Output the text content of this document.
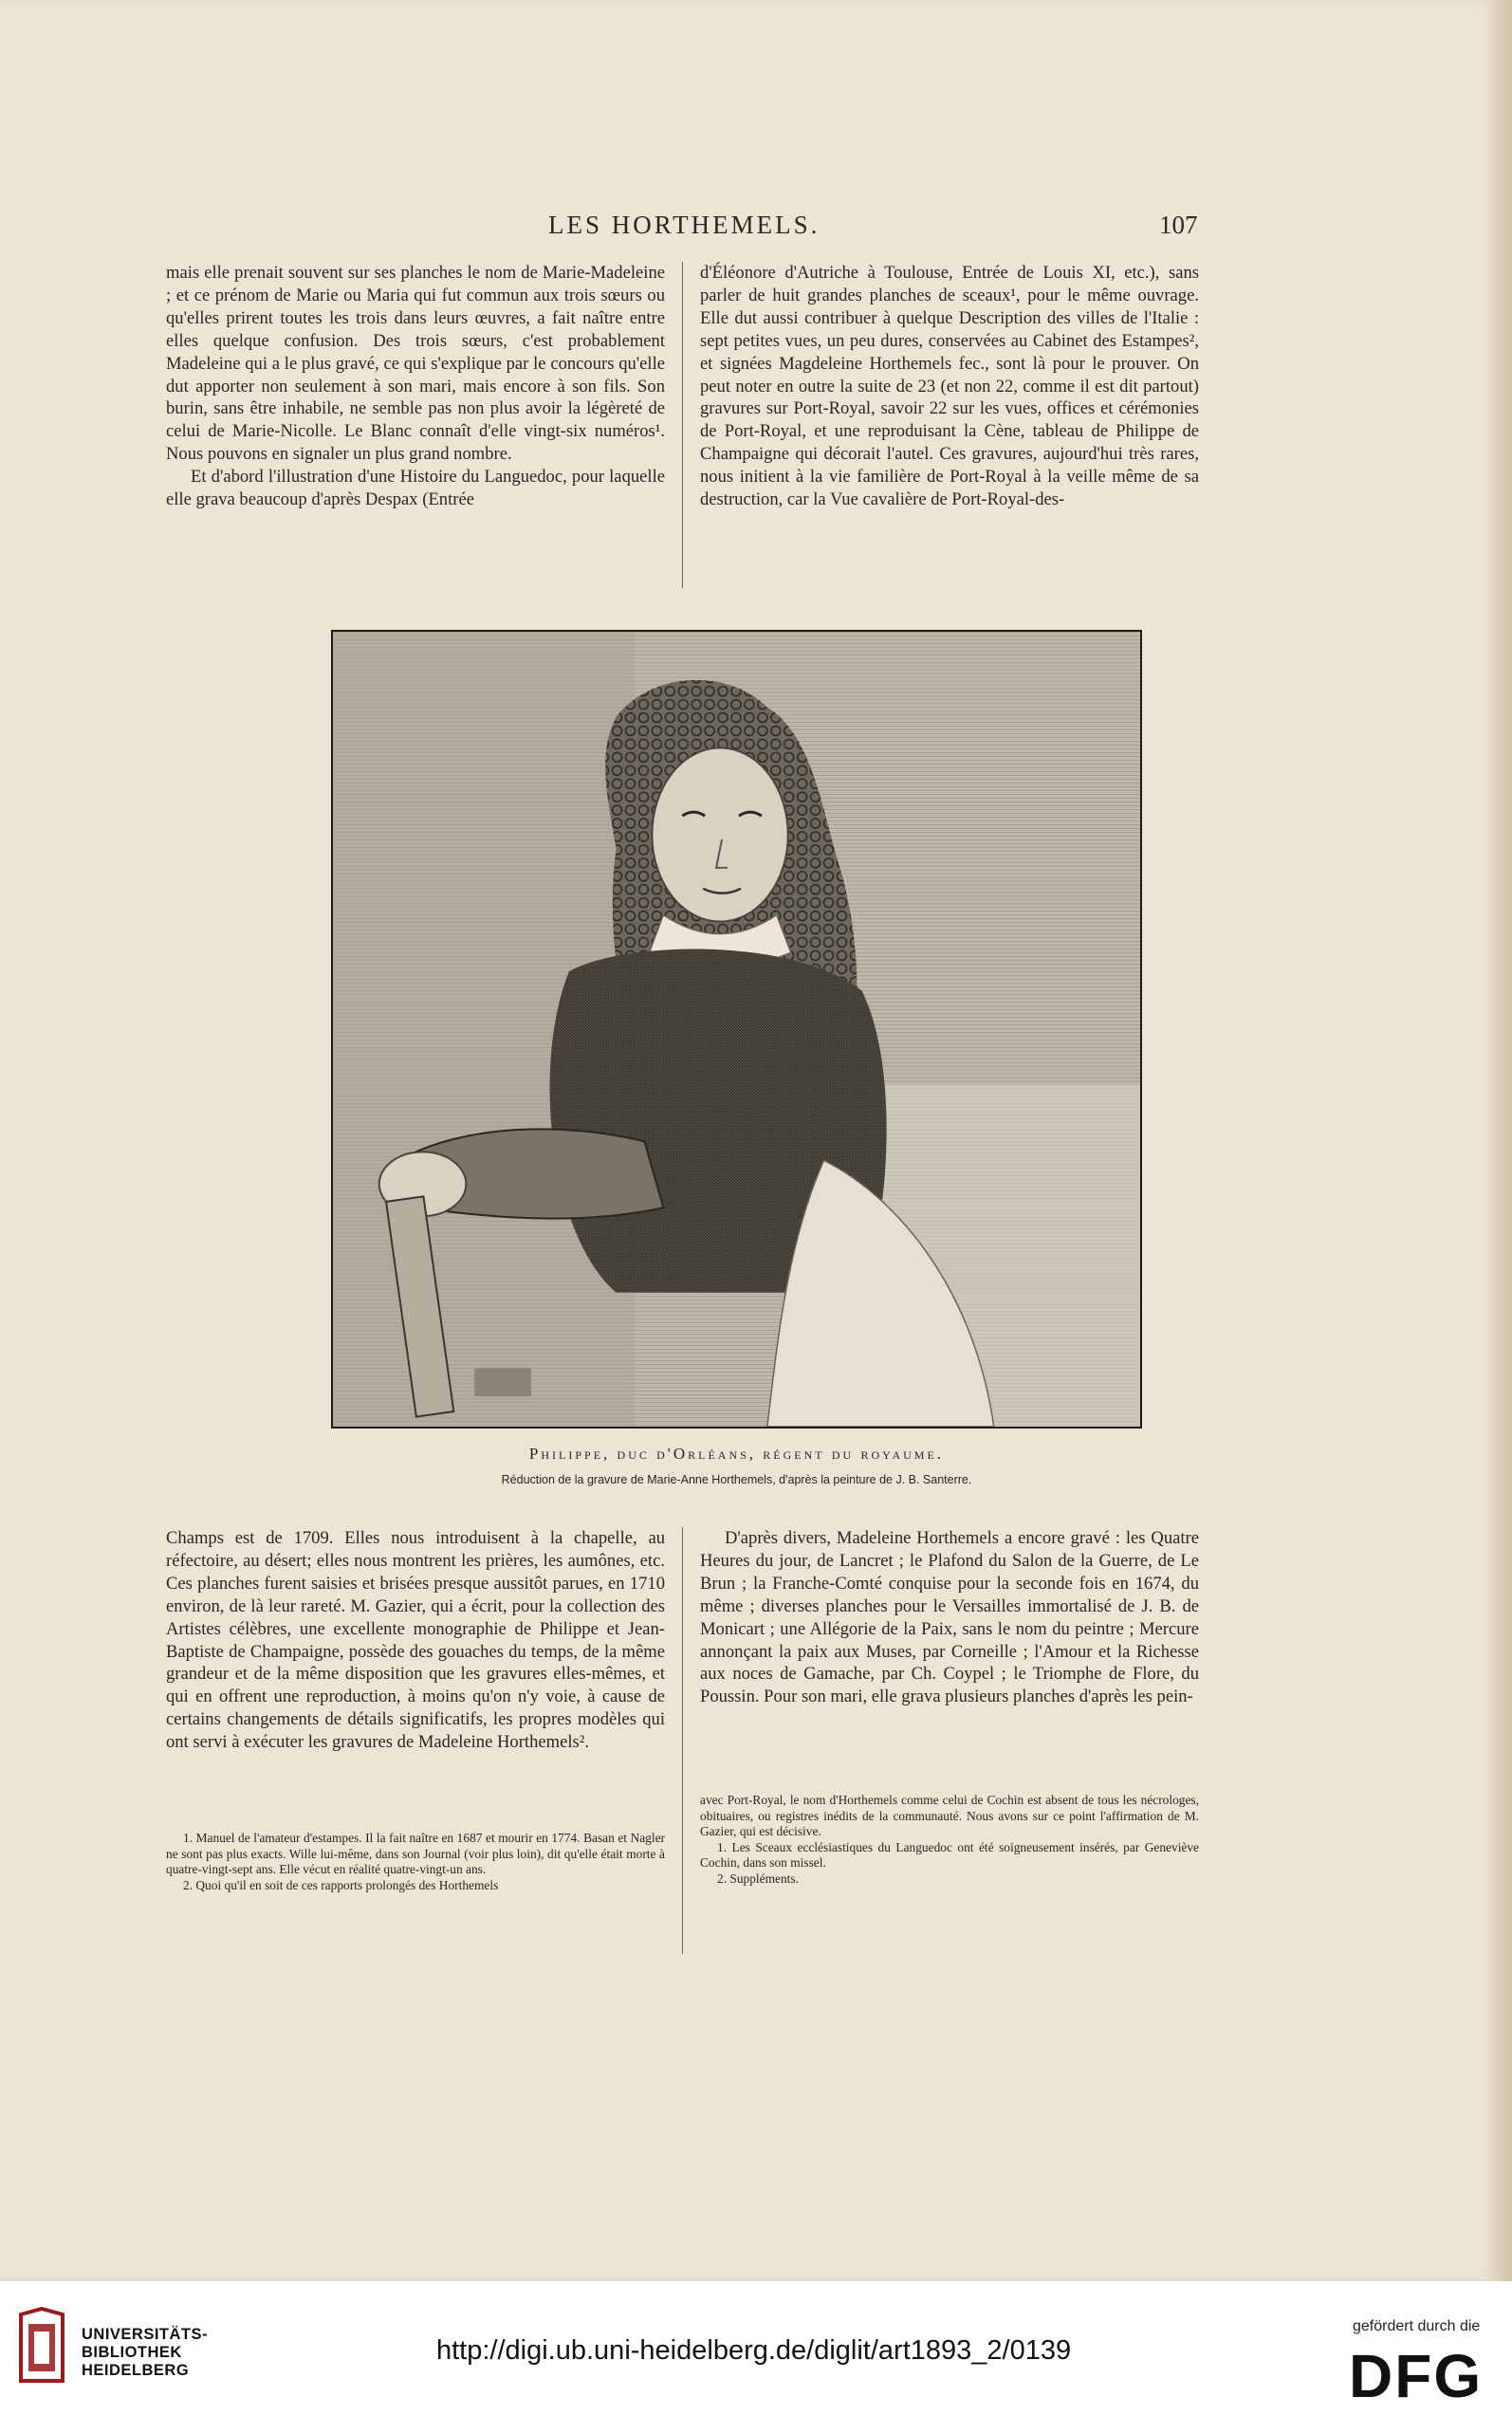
LES HORTHEMELS.	107

mais elle prenait souvent sur ses planches le nom de Marie-Madeleine ; et ce prénom de Marie ou Maria qui fut commun aux trois sœurs ou qu'elles prirent toutes les trois dans leurs œuvres, a fait naître entre elles quelque confusion. Des trois sœurs, c'est probablement Madeleine qui a le plus gravé, ce qui s'explique par le concours qu'elle dut apporter non seulement à son mari, mais encore à son fils. Son burin, sans être inhabile, ne semble pas non plus avoir la légèreté de celui de Marie-Nicolle. Le Blanc connaît d'elle vingt-six numéros¹. Nous pouvons en signaler un plus grand nombre.

Et d'abord l'illustration d'une Histoire du Languedoc, pour laquelle elle grava beaucoup d'après Despax (Entrée

d'Éléonore d'Autriche à Toulouse, Entrée de Louis XI, etc.), sans parler de huit grandes planches de sceaux¹, pour le même ouvrage. Elle dut aussi contribuer à quelque Description des villes de l'Italie : sept petites vues, un peu dures, conservées au Cabinet des Estampes², et signées Magdeleine Horthemels fec., sont là pour le prouver. On peut noter en outre la suite de 23 (et non 22, comme il est dit partout) gravures sur Port-Royal, savoir 22 sur les vues, offices et cérémonies de Port-Royal, et une reproduisant la Cène, tableau de Philippe de Champaigne qui décorait l'autel. Ces gravures, aujourd'hui très rares, nous initient à la vie familière de Port-Royal à la veille même de sa destruction, car la Vue cavalière de Port-Royal-des-

Philippe, duc d'Orléans, régent du royaume.
Réduction de la gravure de Marie-Anne Horthemels, d'après la peinture de J. B. Santerre.

Champs est de 1709. Elles nous introduisent à la chapelle, au réfectoire, au désert; elles nous montrent les prières, les aumônes, etc. Ces planches furent saisies et brisées presque aussitôt parues, en 1710 environ, de là leur rareté. M. Gazier, qui a écrit, pour la collection des Artistes célèbres, une excellente monographie de Philippe et Jean-Baptiste de Champaigne, possède des gouaches du temps, de la même grandeur et de la même disposition que les gravures elles-mêmes, et qui en offrent une reproduction, à moins qu'on n'y voie, à cause de certains changements de détails significatifs, les propres modèles qui ont servi à exécuter les gravures de Madeleine Horthemels².

D'après divers, Madeleine Horthemels a encore gravé : les Quatre Heures du jour, de Lancret ; le Plafond du Salon de la Guerre, de Le Brun ; la Franche-Comté conquise pour la seconde fois en 1674, du même ; diverses planches pour le Versailles immortalisé de J. B. de Monicart ; une Allégorie de la Paix, sans le nom du peintre ; Mercure annonçant la paix aux Muses, par Corneille ; l'Amour et la Richesse aux noces de Gamache, par Ch. Coypel ; le Triomphe de Flore, du Poussin. Pour son mari, elle grava plusieurs planches d'après les pein-

1. Manuel de l'amateur d'estampes. Il la fait naître en 1687 et mourir en 1774. Basan et Nagler ne sont pas plus exacts. Wille lui-même, dans son Journal (voir plus loin), dit qu'elle était morte à quatre-vingt-sept ans. Elle vécut en réalité quatre-vingt-un ans.

2. Quoi qu'il en soit de ces rapports prolongés des Horthemels

avec Port-Royal, le nom d'Horthemels comme celui de Cochin est absent de tous les nécrologes, obituaires, ou registres inédits de la communauté. Nous avons sur ce point l'affirmation de M. Gazier, qui est décisive.

1. Les Sceaux ecclésiastiques du Languedoc ont été soigneusement insérés, par Geneviève Cochin, dans son missel.

2. Suppléments.

UNIVERSITÄTS-
BIBLIOTHEK
HEIDELBERG
http://digi.ub.uni-heidelberg.de/diglit/art1893_2/0139
gefördert durch die
DFG
